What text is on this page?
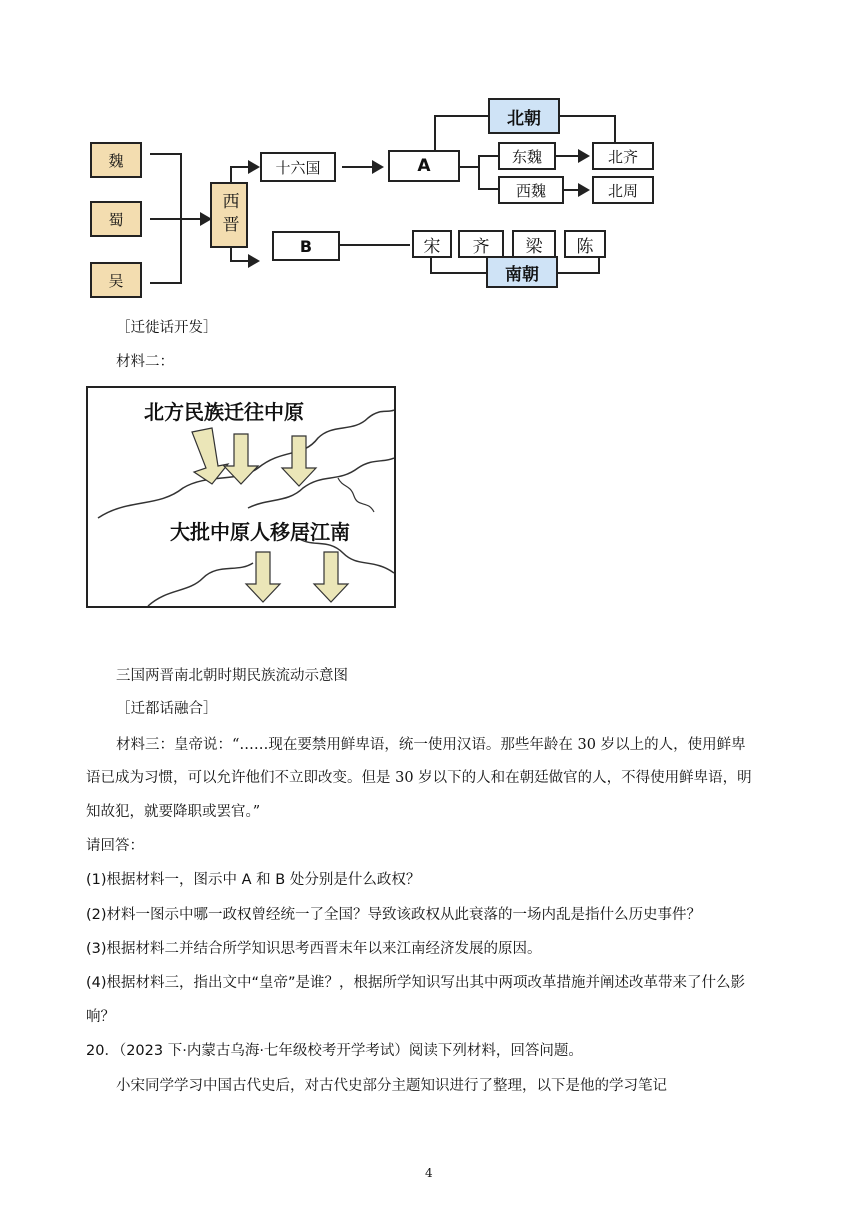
魏
蜀
吴
西晋
十六国	A	东魏
西魏
北齐
北周
北朝
B	宋	齐	梁	陈
南朝
［迁徙话开发］
材料二：
北方民族迁往中原
大批中原人移居江南
三国两晋南北朝时期民族流动示意图
［迁都话融合］
材料三：皇帝说：“……现在要禁用鲜卑语，统一使用汉语。那些年龄在 30 岁以上的人，使用鲜卑
语已成为习惯，可以允许他们不立即改变。但是 30 岁以下的人和在朝廷做官的人，不得使用鲜卑语，明
知故犯，就要降职或罢官。”
请回答：
(1)根据材料一，图示中 A 和 B 处分别是什么政权？
(2)材料一图示中哪一政权曾经统一了全国？导致该政权从此衰落的一场内乱是指什么历史事件？
(3)根据材料二并结合所学知识思考西晋末年以来江南经济发展的原因。
(4)根据材料三，指出文中“皇帝”是谁？，根据所学知识写出其中两项改革措施并阐述改革带来了什么影
响？
20．（2023 下·内蒙古乌海·七年级校考开学考试）阅读下列材料，回答问题。
小宋同学学习中国古代史后，对古代史部分主题知识进行了整理，以下是他的学习笔记
4
